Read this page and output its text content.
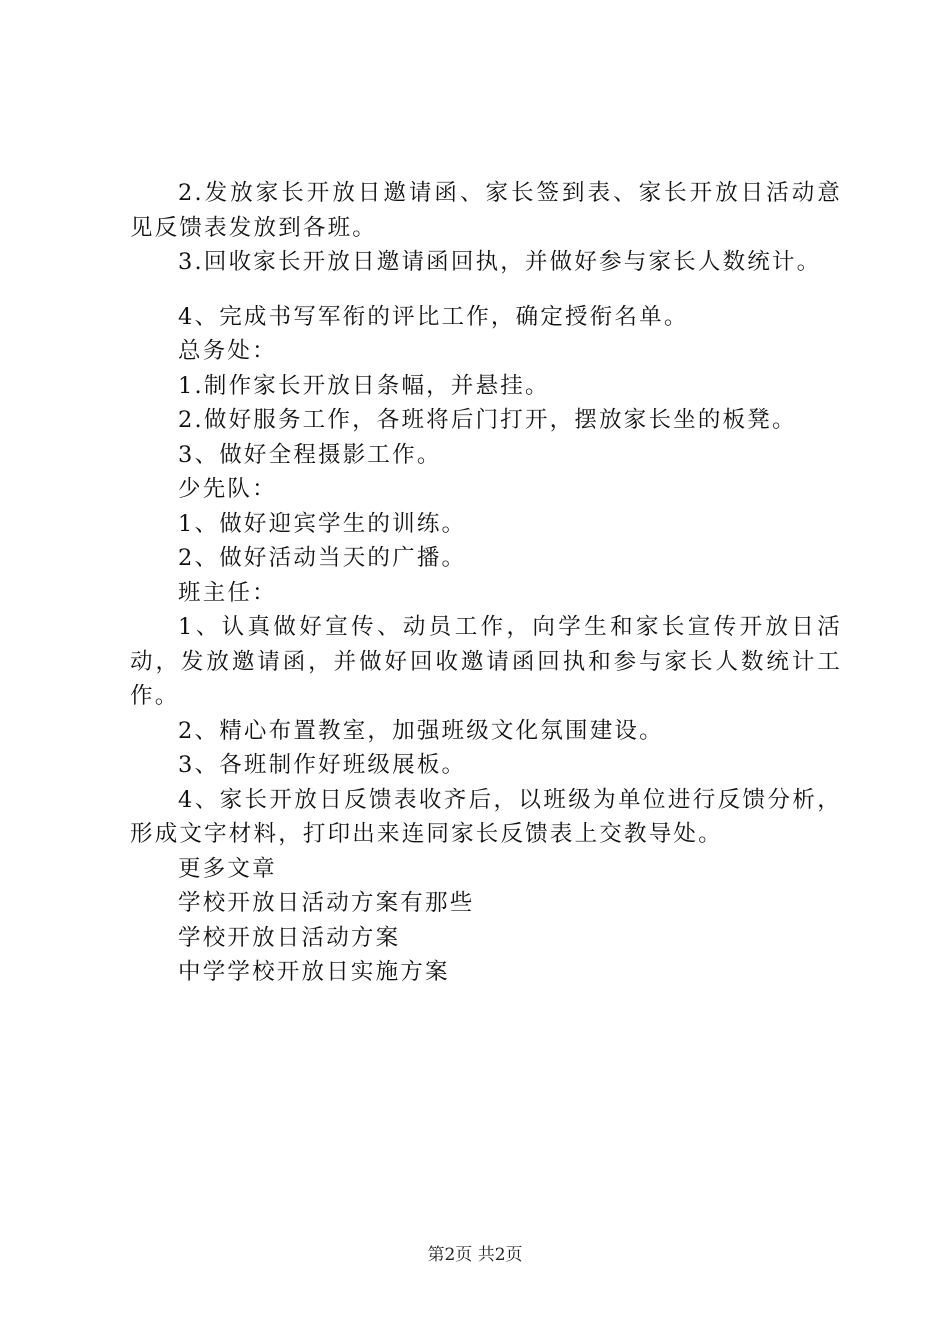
2.发放家长开放日邀请函、家长签到表、家长开放日活动意见反馈表发放到各班。

3.回收家长开放日邀请函回执，并做好参与家长人数统计。

4、完成书写军衔的评比工作，确定授衔名单。

总务处：

1.制作家长开放日条幅，并悬挂。

2.做好服务工作，各班将后门打开，摆放家长坐的板凳。

3、做好全程摄影工作。

少先队：

1、做好迎宾学生的训练。

2、做好活动当天的广播。

班主任：

1、认真做好宣传、动员工作，向学生和家长宣传开放日活动，发放邀请函，并做好回收邀请函回执和参与家长人数统计工作。

2、精心布置教室，加强班级文化氛围建设。

3、各班制作好班级展板。

4、家长开放日反馈表收齐后，以班级为单位进行反馈分析，形成文字材料，打印出来连同家长反馈表上交教导处。

更多文章

学校开放日活动方案有那些

学校开放日活动方案

中学学校开放日实施方案

第2页 共2页
